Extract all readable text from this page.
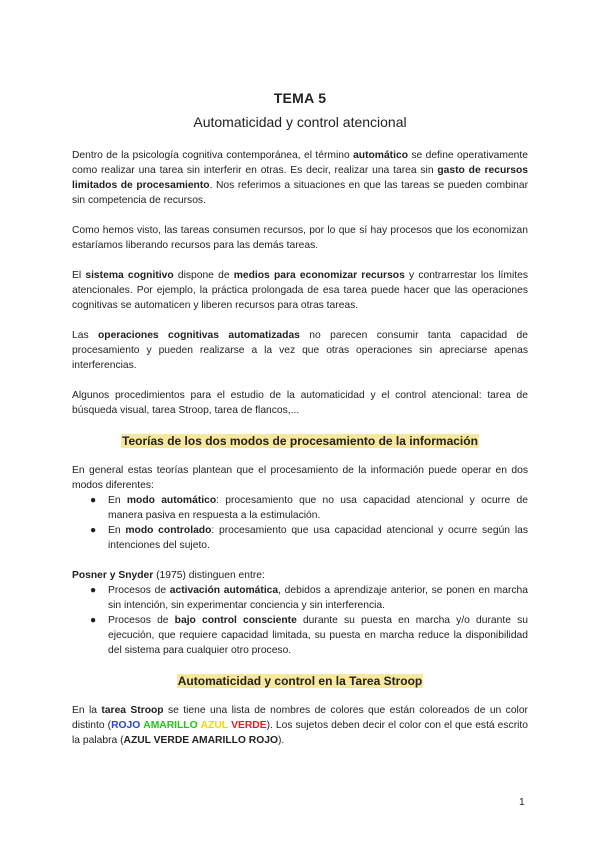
TEMA 5
Automaticidad y control atencional

Dentro de la psicología cognitiva contemporánea, el término automático se define operativamente como realizar una tarea sin interferir en otras. Es decir, realizar una tarea sin gasto de recursos limitados de procesamiento. Nos referimos a situaciones en que las tareas se pueden combinar sin competencia de recursos.

Como hemos visto, las tareas consumen recursos, por lo que sí hay procesos que los economizan estaríamos liberando recursos para las demás tareas.

El sistema cognitivo dispone de medios para economizar recursos y contrarrestar los límites atencionales. Por ejemplo, la práctica prolongada de esa tarea puede hacer que las operaciones cognitivas se automaticen y liberen recursos para otras tareas.

Las operaciones cognitivas automatizadas no parecen consumir tanta capacidad de procesamiento y pueden realizarse a la vez que otras operaciones sin apreciarse apenas interferencias.

Algunos procedimientos para el estudio de la automaticidad y el control atencional: tarea de búsqueda visual, tarea Stroop, tarea de flancos,...

Teorías de los dos modos de procesamiento de la información

En general estas teorías plantean que el procesamiento de la información puede operar en dos modos diferentes:

● En modo automático: procesamiento que no usa capacidad atencional y ocurre de manera pasiva en respuesta a la estimulación.
● En modo controlado: procesamiento que usa capacidad atencional y ocurre según las intenciones del sujeto.

Posner y Snyder (1975) distinguen entre:

● Procesos de activación automática, debidos a aprendizaje anterior, se ponen en marcha sin intención, sin experimentar conciencia y sin interferencia.
● Procesos de bajo control consciente durante su puesta en marcha y/o durante su ejecución, que requiere capacidad limitada, su puesta en marcha reduce la disponibilidad del sistema para cualquier otro proceso.
Automaticidad y control en la Tarea Stroop

En la tarea Stroop se tiene una lista de nombres de colores que están coloreados de un color distinto (ROJO AMARILLO AZUL VERDE). Los sujetos deben decir el color con el que está escrito la palabra (AZUL VERDE AMARILLO ROJO).

1
